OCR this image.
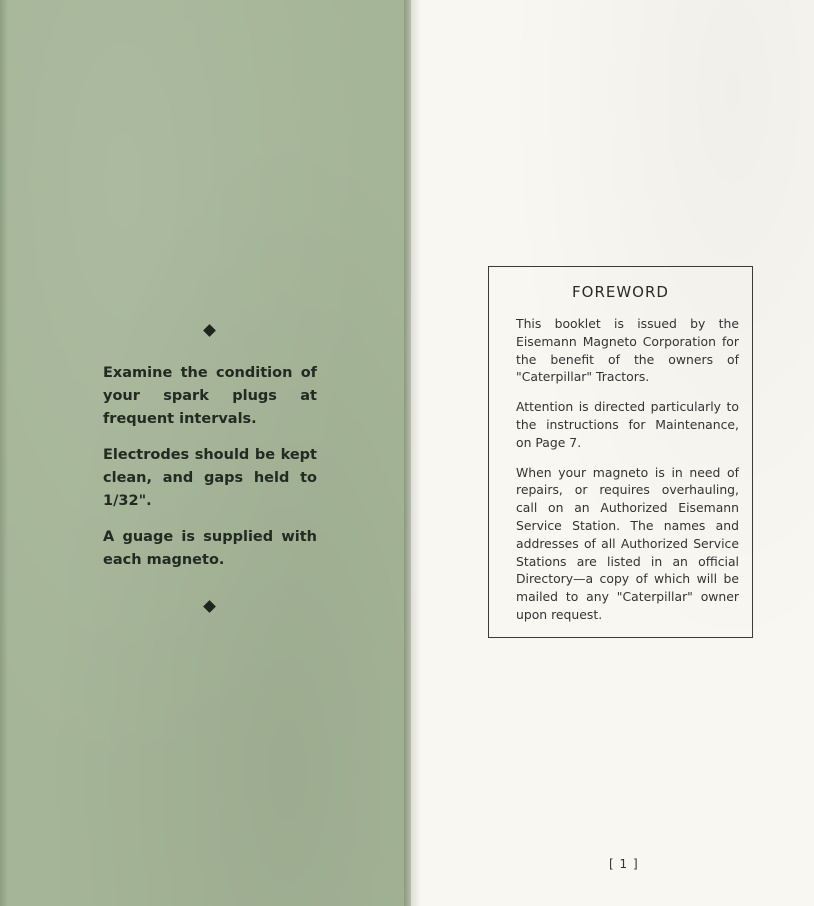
Examine the condition of your spark plugs at frequent intervals.

Electrodes should be kept clean, and gaps held to 1/32".

A guage is supplied with each magneto.

FOREWORD

This booklet is issued by the Eisemann Magneto Corporation for the benefit of the owners of "Caterpillar" Tractors.

Attention is directed particularly to the instructions for Maintenance, on Page 7.

When your magneto is in need of repairs, or requires overhauling, call on an Authorized Eisemann Service Station. The names and addresses of all Authorized Service Stations are listed in an official Directory—a copy of which will be mailed to any "Caterpillar" owner upon request.

[ 1 ]
